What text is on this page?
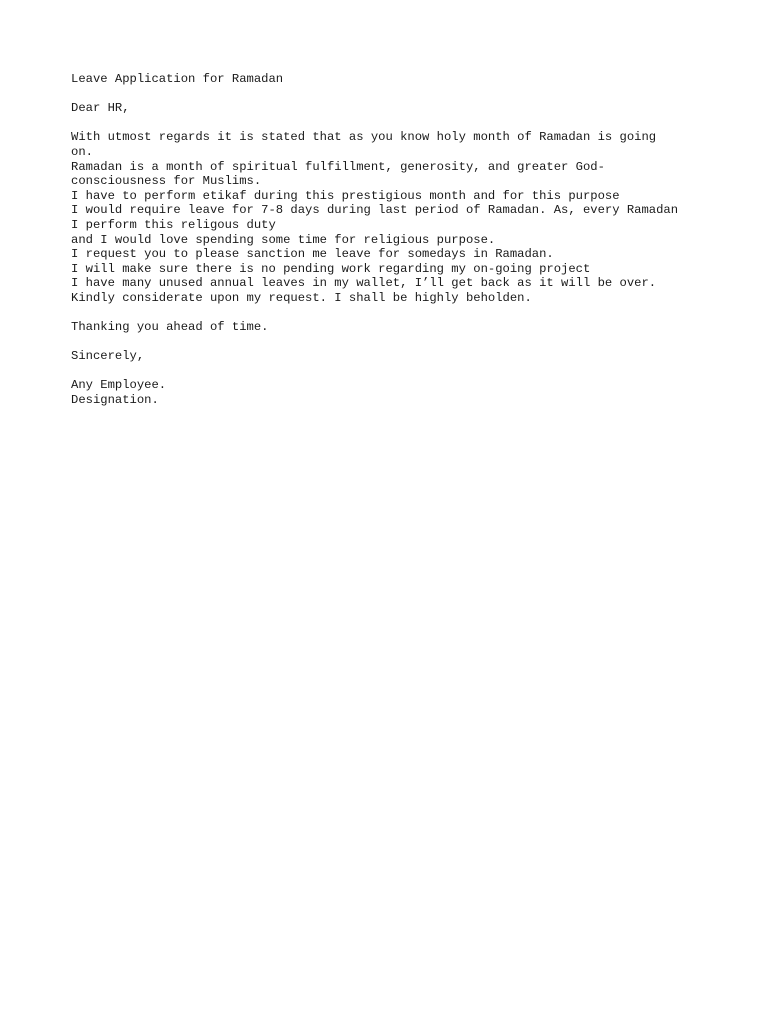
Leave Application for Ramadan
Dear HR,
With utmost regards it is stated that as you know holy month of Ramadan is going
on.
Ramadan is a month of spiritual fulfillment, generosity, and greater God-
consciousness for Muslims.
I have to perform etikaf during this prestigious month and for this purpose
I would require leave for 7-8 days during last period of Ramadan. As, every Ramadan
I perform this religous duty
and I would love spending some time for religious purpose.
I request you to please sanction me leave for somedays in Ramadan.
I will make sure there is no pending work regarding my on-going project
I have many unused annual leaves in my wallet, I’ll get back as it will be over.
Kindly considerate upon my request. I shall be highly beholden.
Thanking you ahead of time.
Sincerely,
Any Employee.
Designation.
